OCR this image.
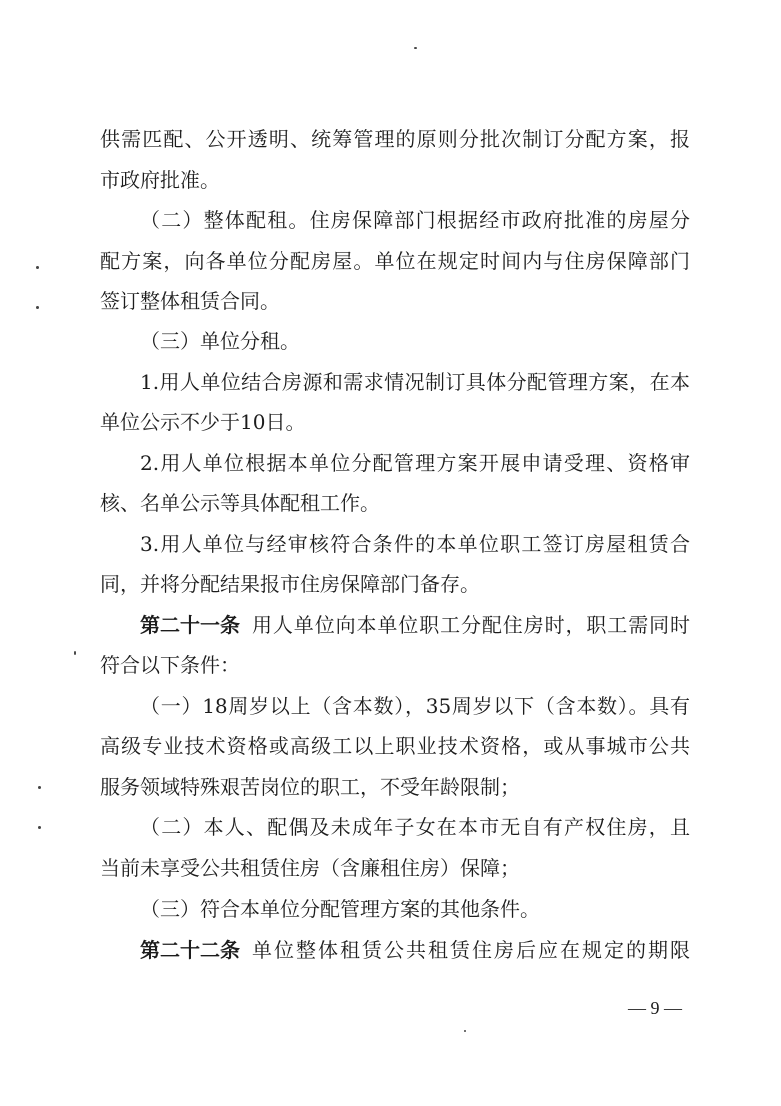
供需匹配、公开透明、统筹管理的原则分批次制订分配方案，报
市政府批准。
（二）整体配租。住房保障部门根据经市政府批准的房屋分
配方案，向各单位分配房屋。单位在规定时间内与住房保障部门
签订整体租赁合同。
（三）单位分租。
1.用人单位结合房源和需求情况制订具体分配管理方案，在本
单位公示不少于10日。
2.用人单位根据本单位分配管理方案开展申请受理、资格审
核、名单公示等具体配租工作。
3.用人单位与经审核符合条件的本单位职工签订房屋租赁合
同，并将分配结果报市住房保障部门备存。
第二十一条 用人单位向本单位职工分配住房时，职工需同时
符合以下条件：
（一）18周岁以上（含本数），35周岁以下（含本数）。具有
高级专业技术资格或高级工以上职业技术资格，或从事城市公共
服务领域特殊艰苦岗位的职工，不受年龄限制；
（二）本人、配偶及未成年子女在本市无自有产权住房，且
当前未享受公共租赁住房（含廉租住房）保障；
（三）符合本单位分配管理方案的其他条件。
第二十二条 单位整体租赁公共租赁住房后应在规定的期限
— 9 —
